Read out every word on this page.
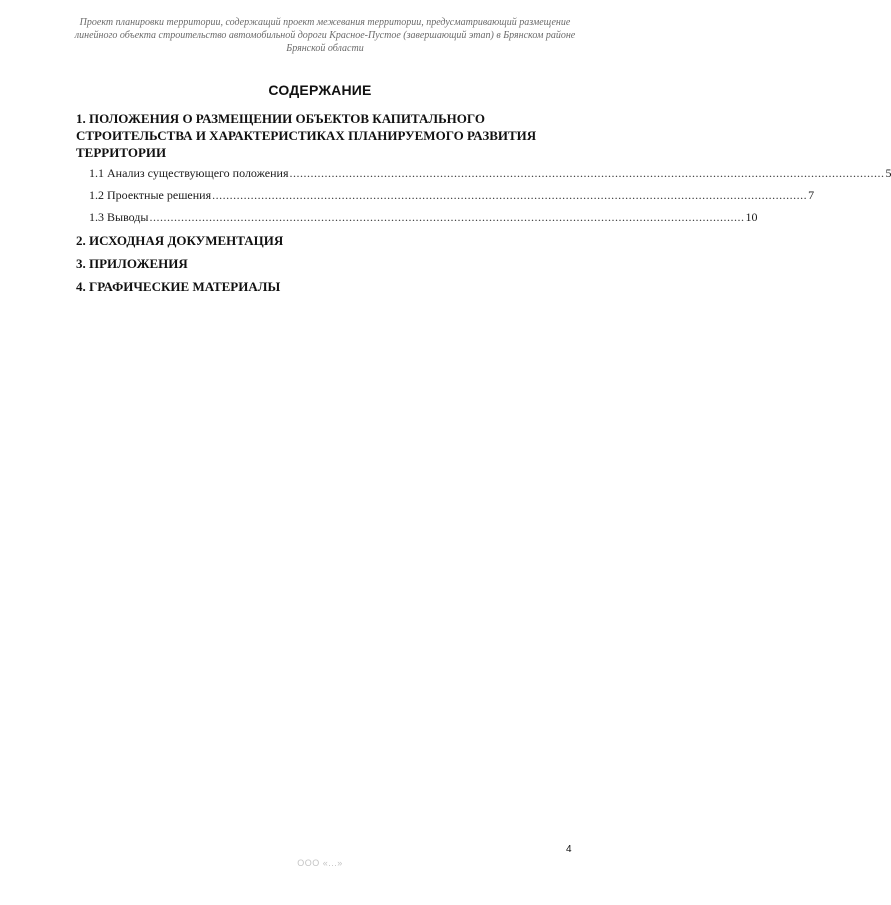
Проект планировки территории, содержащий проект межевания территории, предусматривающий размещение линейного объекта строительство автомобильной дороги Красное-Пустое (завершающий этап) в Брянском районе Брянской области
СОДЕРЖАНИЕ

1. ПОЛОЖЕНИЯ О РАЗМЕЩЕНИИ ОБЪЕКТОВ КАПИТАЛЬНОГО СТРОИТЕЛЬСТВА И ХАРАКТЕРИСТИКАХ ПЛАНИРУЕМОГО РАЗВИТИЯ ТЕРРИТОРИИ

1.1 Анализ существующего положения .......................................................................................................................................................................... 5
1.2 Проектные решения .......................................................................................................................................................................... 7
1.3 Выводы .......................................................................................................................................................................... 10

2. ИСХОДНАЯ ДОКУМЕНТАЦИЯ

3. ПРИЛОЖЕНИЯ

4. ГРАФИЧЕСКИЕ МАТЕРИАЛЫ

4
ООО «...»
